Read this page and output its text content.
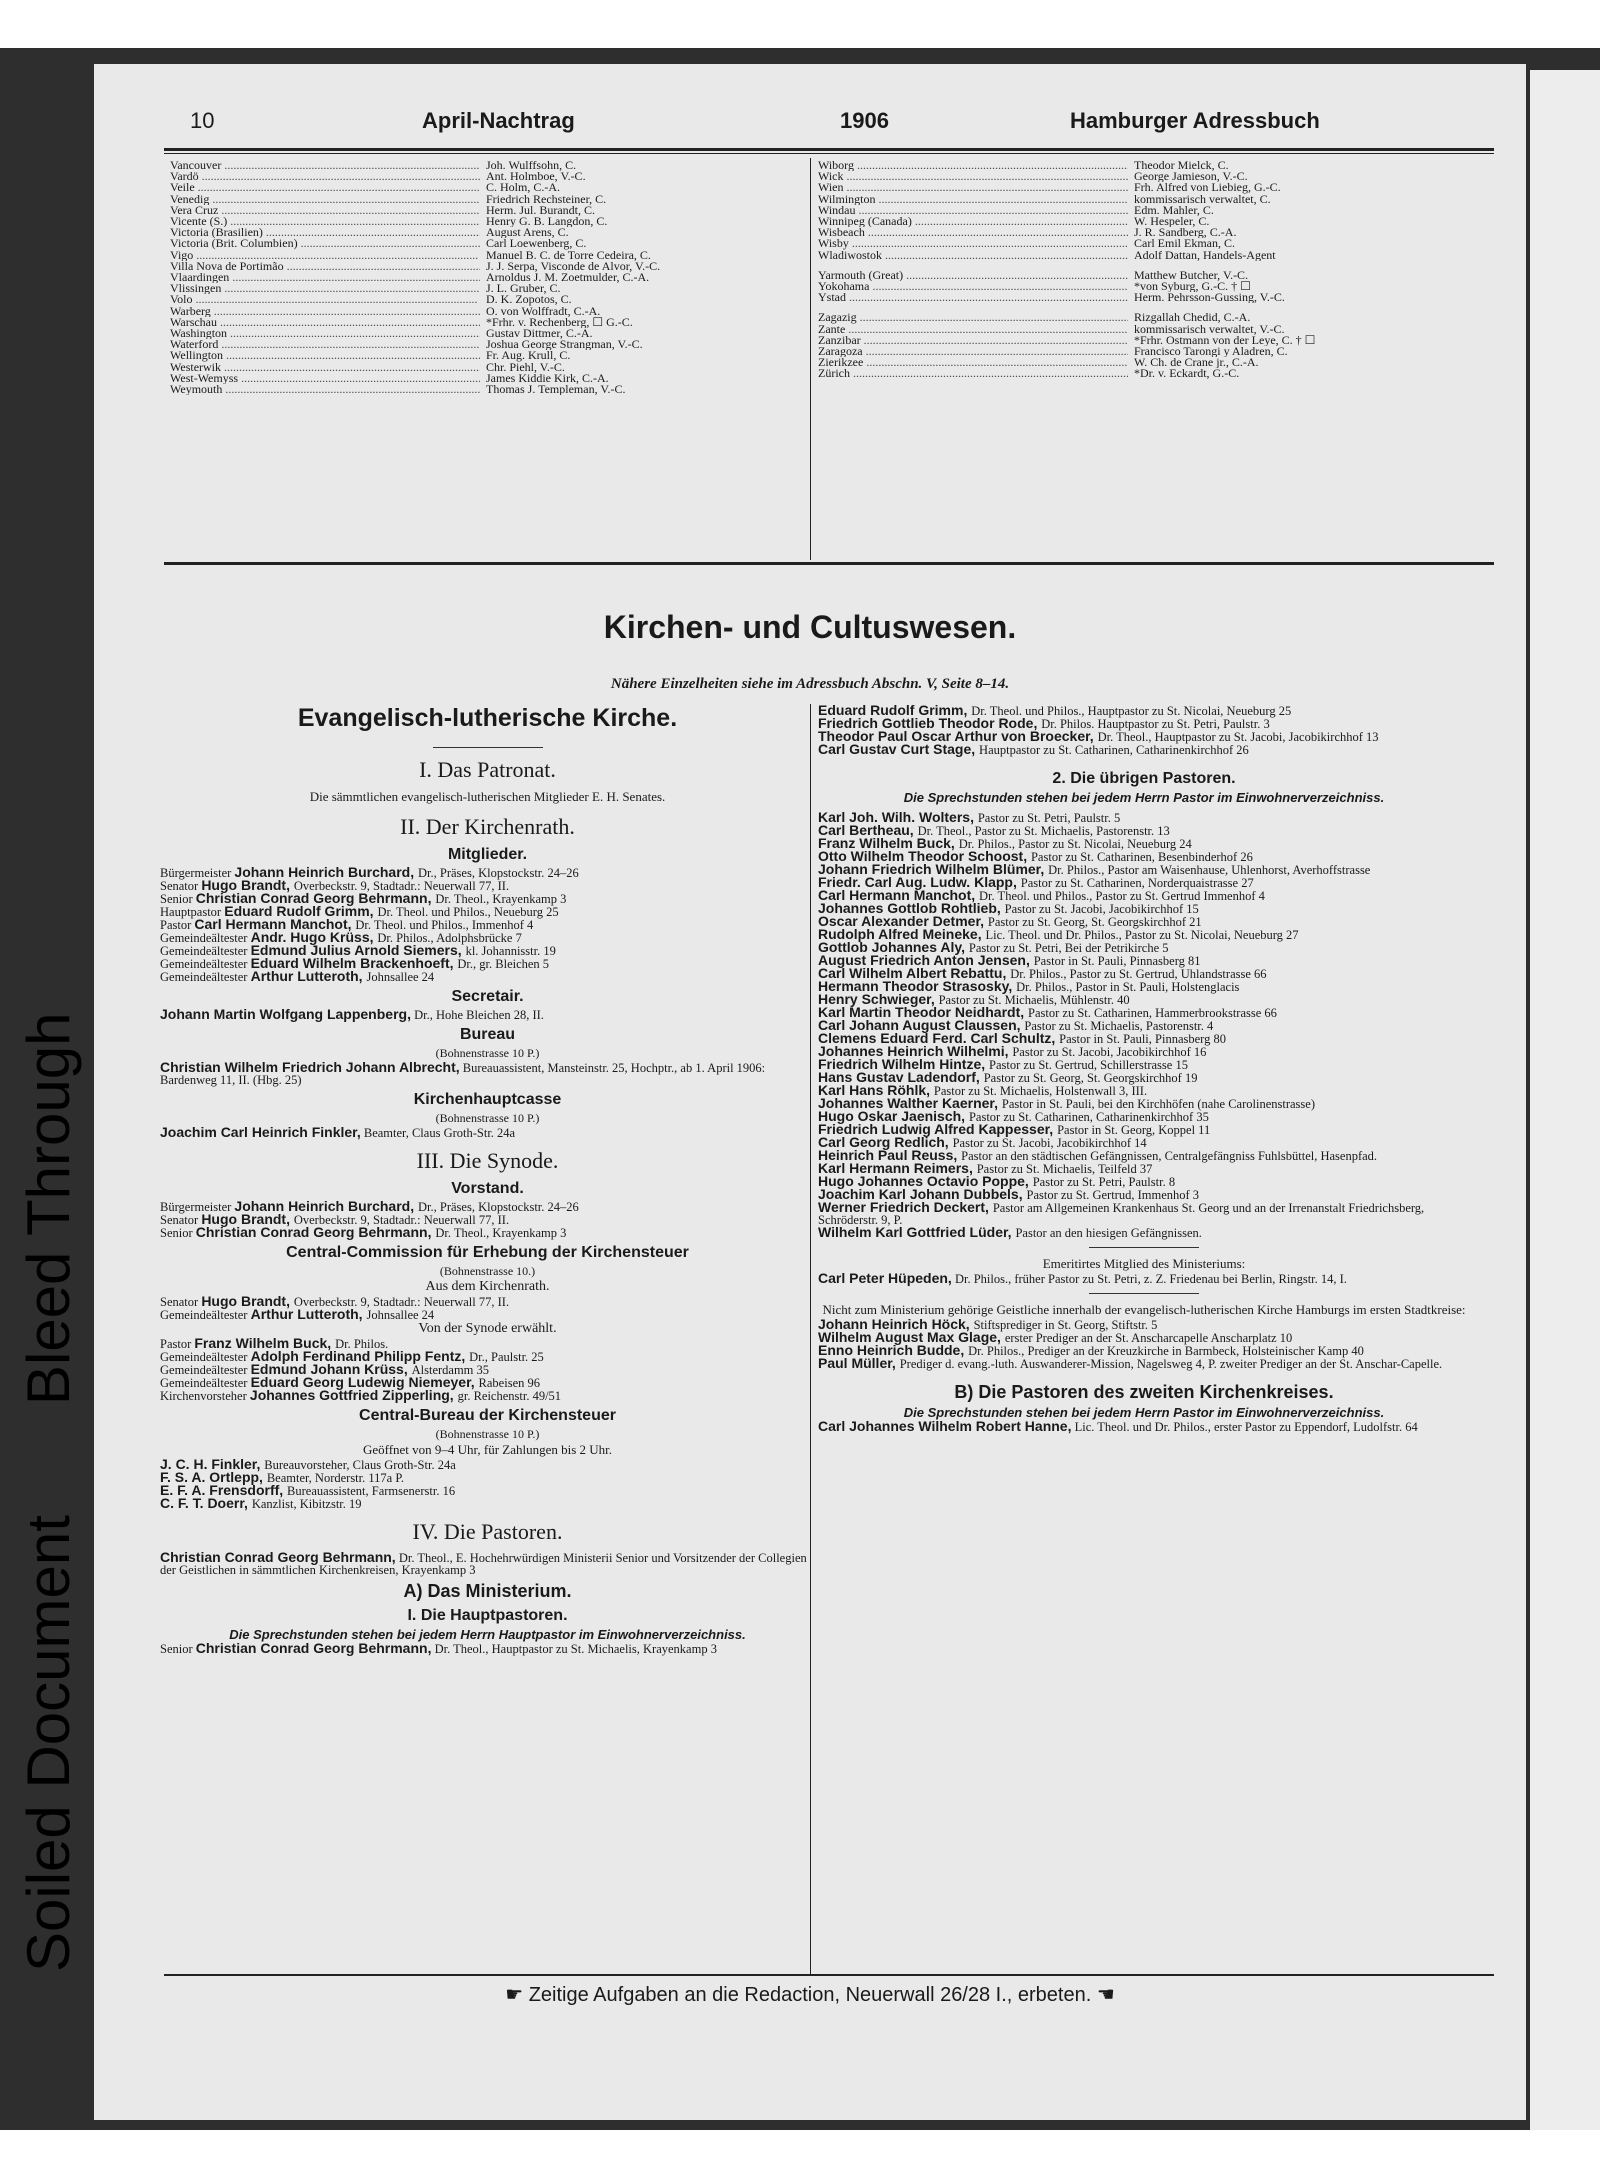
10	April-Nachtrag	1906	Hamburger Adressbuch
Vancouver .....	Joh. Wulffsohn, C.
Vardö .....	Ant. Holmboe, V.-C.
Veile .....	C. Holm, C.-A.
Venedig .....	Friedrich Rechsteiner, C.
Vera Cruz .....	Herm. Jul. Burandt, C.
Vicente (S.) .....	Henry G. B. Langdon, C.
Victoria (Brasilien) .....	August Arens, C.
Victoria (Brit. Columbien) .....	Carl Loewenberg, C.
Vigo .....	Manuel B. C. de Torre Cedeira, C.
Villa Nova de Portimão .....	J. J. Serpa, Visconde de Alvor, V.-C.
Vlaardingen .....	Arnoldus J. M. Zoetmulder, C.-A.
Vlissingen .....	J. L. Gruber, C.
Volo .....	D. K. Zopotos, C.
Warberg .....	O. von Wolffradt, C.-A.
Warschau .....	*Frhr. v. Rechenberg, ☐ G.-C.
Washington .....	Gustav Dittmer, C.-A.
Waterford .....	Joshua George Strangman, V.-C.
Wellington .....	Fr. Aug. Krull, C.
Westerwik .....	Chr. Piehl, V.-C.
West-Wemyss .....	James Kiddie Kirk, C.-A.
Weymouth .....	Thomas J. Templeman, V.-C.
Wiborg .....	Theodor Mielck, C.
Wick .....	George Jamieson, V.-C.
Wien .....	Frh. Alfred von Liebieg, G.-C.
Wilmington .....	kommissarisch verwaltet, C.
Windau .....	Edm. Mahler, C.
Winnipeg (Canada) .....	W. Hespeler, C.
Wisbeach .....	J. R. Sandberg, C.-A.
Wisby .....	Carl Emil Ekman, C.
Wladiwostok .....	Adolf Dattan, Handels-Agent
Yarmouth (Great) .....	Matthew Butcher, V.-C.
Yokohama .....	*von Syburg, G.-C. † ☐
Ystad .....	Herm. Pehrsson-Gussing, V.-C.
Zagazig .....	Rizgallah Chedid, C.-A.
Zante .....	kommissarisch verwaltet, V.-C.
Zanzibar .....	*Frhr. Ostmann von der Leye, C. † ☐
Zaragoza .....	Francisco Tarongi y Aladren, C.
Zierikzee .....	W. Ch. de Crane jr., C.-A.
Zürich .....	*Dr. v. Eckardt, G.-C.
Kirchen- und Cultuswesen.
Nähere Einzelheiten siehe im Adressbuch Abschn. V, Seite 8–14.
Evangelisch-lutherische Kirche.
I. Das Patronat.
Die sämmtlichen evangelisch-lutherischen Mitglieder E. H. Senates.
II. Der Kirchenrath.
Mitglieder.

Bürgermeister Johann Heinrich Burchard, Dr., Präses, Klopstockstr. 24–26

Senator Hugo Brandt, Overbeckstr. 9, Stadtadr.: Neuerwall 77, II.

Senior Christian Conrad Georg Behrmann, Dr. Theol., Krayenkamp 3

Hauptpastor Eduard Rudolf Grimm, Dr. Theol. und Philos., Neueburg 25

Pastor Carl Hermann Manchot, Dr. Theol. und Philos., Immenhof 4

Gemeindeältester Andr. Hugo Krüss, Dr. Philos., Adolphsbrücke 7

Gemeindeältester Edmund Julius Arnold Siemers, kl. Johannisstr. 19

Gemeindeältester Eduard Wilhelm Brackenhoeft, Dr., gr. Bleichen 5

Gemeindeältester Arthur Lutteroth, Johnsallee 24

Secretair.

Johann Martin Wolfgang Lappenberg, Dr., Hohe Bleichen 28, II.

Bureau
(Bohnenstrasse 10 P.)

Christian Wilhelm Friedrich Johann Albrecht, Bureauassistent, Mansteinstr. 25, Hochptr., ab 1. April 1906: Bardenweg 11, II. (Hbg. 25)

Kirchenhauptcasse
(Bohnenstrasse 10 P.)

Joachim Carl Heinrich Finkler, Beamter, Claus Groth-Str. 24a

III. Die Synode.
Vorstand.

Bürgermeister Johann Heinrich Burchard, Dr., Präses, Klopstockstr. 24–26

Senator Hugo Brandt, Overbeckstr. 9, Stadtadr.: Neuerwall 77, II.

Senior Christian Conrad Georg Behrmann, Dr. Theol., Krayenkamp 3

Central-Commission für Erhebung der Kirchensteuer
(Bohnenstrasse 10.)
Aus dem Kirchenrath.

Senator Hugo Brandt, Overbeckstr. 9, Stadtadr.: Neuerwall 77, II.

Gemeindeältester Arthur Lutteroth, Johnsallee 24

Von der Synode erwählt.

Pastor Franz Wilhelm Buck, Dr. Philos.

Gemeindeältester Adolph Ferdinand Philipp Fentz, Dr., Paulstr. 25

Gemeindeältester Edmund Johann Krüss, Alsterdamm 35

Gemeindeältester Eduard Georg Ludewig Niemeyer, Rabeisen 96

Kirchenvorsteher Johannes Gottfried Zipperling, gr. Reichenstr. 49/51

Central-Bureau der Kirchensteuer
(Bohnenstrasse 10 P.)
Geöffnet von 9–4 Uhr, für Zahlungen bis 2 Uhr.

J. C. H. Finkler, Bureauvorsteher, Claus Groth-Str. 24a

F. S. A. Ortlepp, Beamter, Norderstr. 117a P.

E. F. A. Frensdorff, Bureauassistent, Farmsenerstr. 16

C. F. T. Doerr, Kanzlist, Kibitzstr. 19

IV. Die Pastoren.

Christian Conrad Georg Behrmann, Dr. Theol., E. Hochehrwürdigen Ministerii Senior und Vorsitzender der Collegien der Geistlichen in sämmtlichen Kirchenkreisen, Krayenkamp 3

A) Das Ministerium.
I. Die Hauptpastoren.
Die Sprechstunden stehen bei jedem Herrn Hauptpastor im Einwohnerverzeichniss.

Senior Christian Conrad Georg Behrmann, Dr. Theol., Hauptpastor zu St. Michaelis, Krayenkamp 3

Eduard Rudolf Grimm, Dr. Theol. und Philos., Hauptpastor zu St. Nicolai, Neueburg 25

Friedrich Gottlieb Theodor Rode, Dr. Philos. Hauptpastor zu St. Petri, Paulstr. 3

Theodor Paul Oscar Arthur von Broecker, Dr. Theol., Hauptpastor zu St. Jacobi, Jacobikirchhof 13

Carl Gustav Curt Stage, Hauptpastor zu St. Catharinen, Catharinenkirchhof 26

2. Die übrigen Pastoren.
Die Sprechstunden stehen bei jedem Herrn Pastor im Einwohnerverzeichniss.

Karl Joh. Wilh. Wolters, Pastor zu St. Petri, Paulstr. 5

Carl Bertheau, Dr. Theol., Pastor zu St. Michaelis, Pastorenstr. 13

Franz Wilhelm Buck, Dr. Philos., Pastor zu St. Nicolai, Neueburg 24

Otto Wilhelm Theodor Schoost, Pastor zu St. Catharinen, Besenbinderhof 26

Johann Friedrich Wilhelm Blümer, Dr. Philos., Pastor am Waisenhause, Uhlenhorst, Averhoffstrasse

Friedr. Carl Aug. Ludw. Klapp, Pastor zu St. Catharinen, Norderquaistrasse 27

Carl Hermann Manchot, Dr. Theol. und Philos., Pastor zu St. Gertrud Immenhof 4

Johannes Gottlob Rohtlieb, Pastor zu St. Jacobi, Jacobikirchhof 15

Oscar Alexander Detmer, Pastor zu St. Georg, St. Georgskirchhof 21

Rudolph Alfred Meineke, Lic. Theol. und Dr. Philos., Pastor zu St. Nicolai, Neueburg 27

Gottlob Johannes Aly, Pastor zu St. Petri, Bei der Petrikirche 5

August Friedrich Anton Jensen, Pastor in St. Pauli, Pinnasberg 81

Carl Wilhelm Albert Rebattu, Dr. Philos., Pastor zu St. Gertrud, Uhlandstrasse 66

Hermann Theodor Strasosky, Dr. Philos., Pastor in St. Pauli, Holstenglacis

Henry Schwieger, Pastor zu St. Michaelis, Mühlenstr. 40

Karl Martin Theodor Neidhardt, Pastor zu St. Catharinen, Hammerbrookstrasse 66

Carl Johann August Claussen, Pastor zu St. Michaelis, Pastorenstr. 4

Clemens Eduard Ferd. Carl Schultz, Pastor in St. Pauli, Pinnasberg 80

Johannes Heinrich Wilhelmi, Pastor zu St. Jacobi, Jacobikirchhof 16

Friedrich Wilhelm Hintze, Pastor zu St. Gertrud, Schillerstrasse 15

Hans Gustav Ladendorf, Pastor zu St. Georg, St. Georgskirchhof 19

Karl Hans Röhlk, Pastor zu St. Michaelis, Holstenwall 3, III.

Johannes Walther Kaerner, Pastor in St. Pauli, bei den Kirchhöfen (nahe Carolinenstrasse)

Hugo Oskar Jaenisch, Pastor zu St. Catharinen, Catharinenkirchhof 35

Friedrich Ludwig Alfred Kappesser, Pastor in St. Georg, Koppel 11

Carl Georg Redlich, Pastor zu St. Jacobi, Jacobikirchhof 14

Heinrich Paul Reuss, Pastor an den städtischen Gefängnissen, Centralgefängniss Fuhlsbüttel, Hasenpfad.

Karl Hermann Reimers, Pastor zu St. Michaelis, Teilfeld 37

Hugo Johannes Octavio Poppe, Pastor zu St. Petri, Paulstr. 8

Joachim Karl Johann Dubbels, Pastor zu St. Gertrud, Immenhof 3

Werner Friedrich Deckert, Pastor am Allgemeinen Krankenhaus St. Georg und an der Irrenanstalt Friedrichsberg, Schröderstr. 9, P.

Wilhelm Karl Gottfried Lüder, Pastor an den hiesigen Gefängnissen.

Emeritirtes Mitglied des Ministeriums:

Carl Peter Hüpeden, Dr. Philos., früher Pastor zu St. Petri, z. Z. Friedenau bei Berlin, Ringstr. 14, I.

Nicht zum Ministerium gehörige Geistliche innerhalb der evangelisch-lutherischen Kirche Hamburgs im ersten Stadtkreise:

Johann Heinrich Höck, Stiftsprediger in St. Georg, Stiftstr. 5

Wilhelm August Max Glage, erster Prediger an der St. Anscharcapelle Anscharplatz 10

Enno Heinrich Budde, Dr. Philos., Prediger an der Kreuzkirche in Barmbeck, Holsteinischer Kamp 40

Paul Müller, Prediger d. evang.-luth. Auswanderer-Mission, Nagelsweg 4, P. zweiter Prediger an der St. Anschar-Capelle.

B) Die Pastoren des zweiten Kirchenkreises.
Die Sprechstunden stehen bei jedem Herrn Pastor im Einwohnerverzeichniss.

Carl Johannes Wilhelm Robert Hanne, Lic. Theol. und Dr. Philos., erster Pastor zu Eppendorf, Ludolfstr. 64

☛ Zeitige Aufgaben an die Redaction, Neuerwall 26/28 I., erbeten. ☚
Soiled DocumentBleed Through
